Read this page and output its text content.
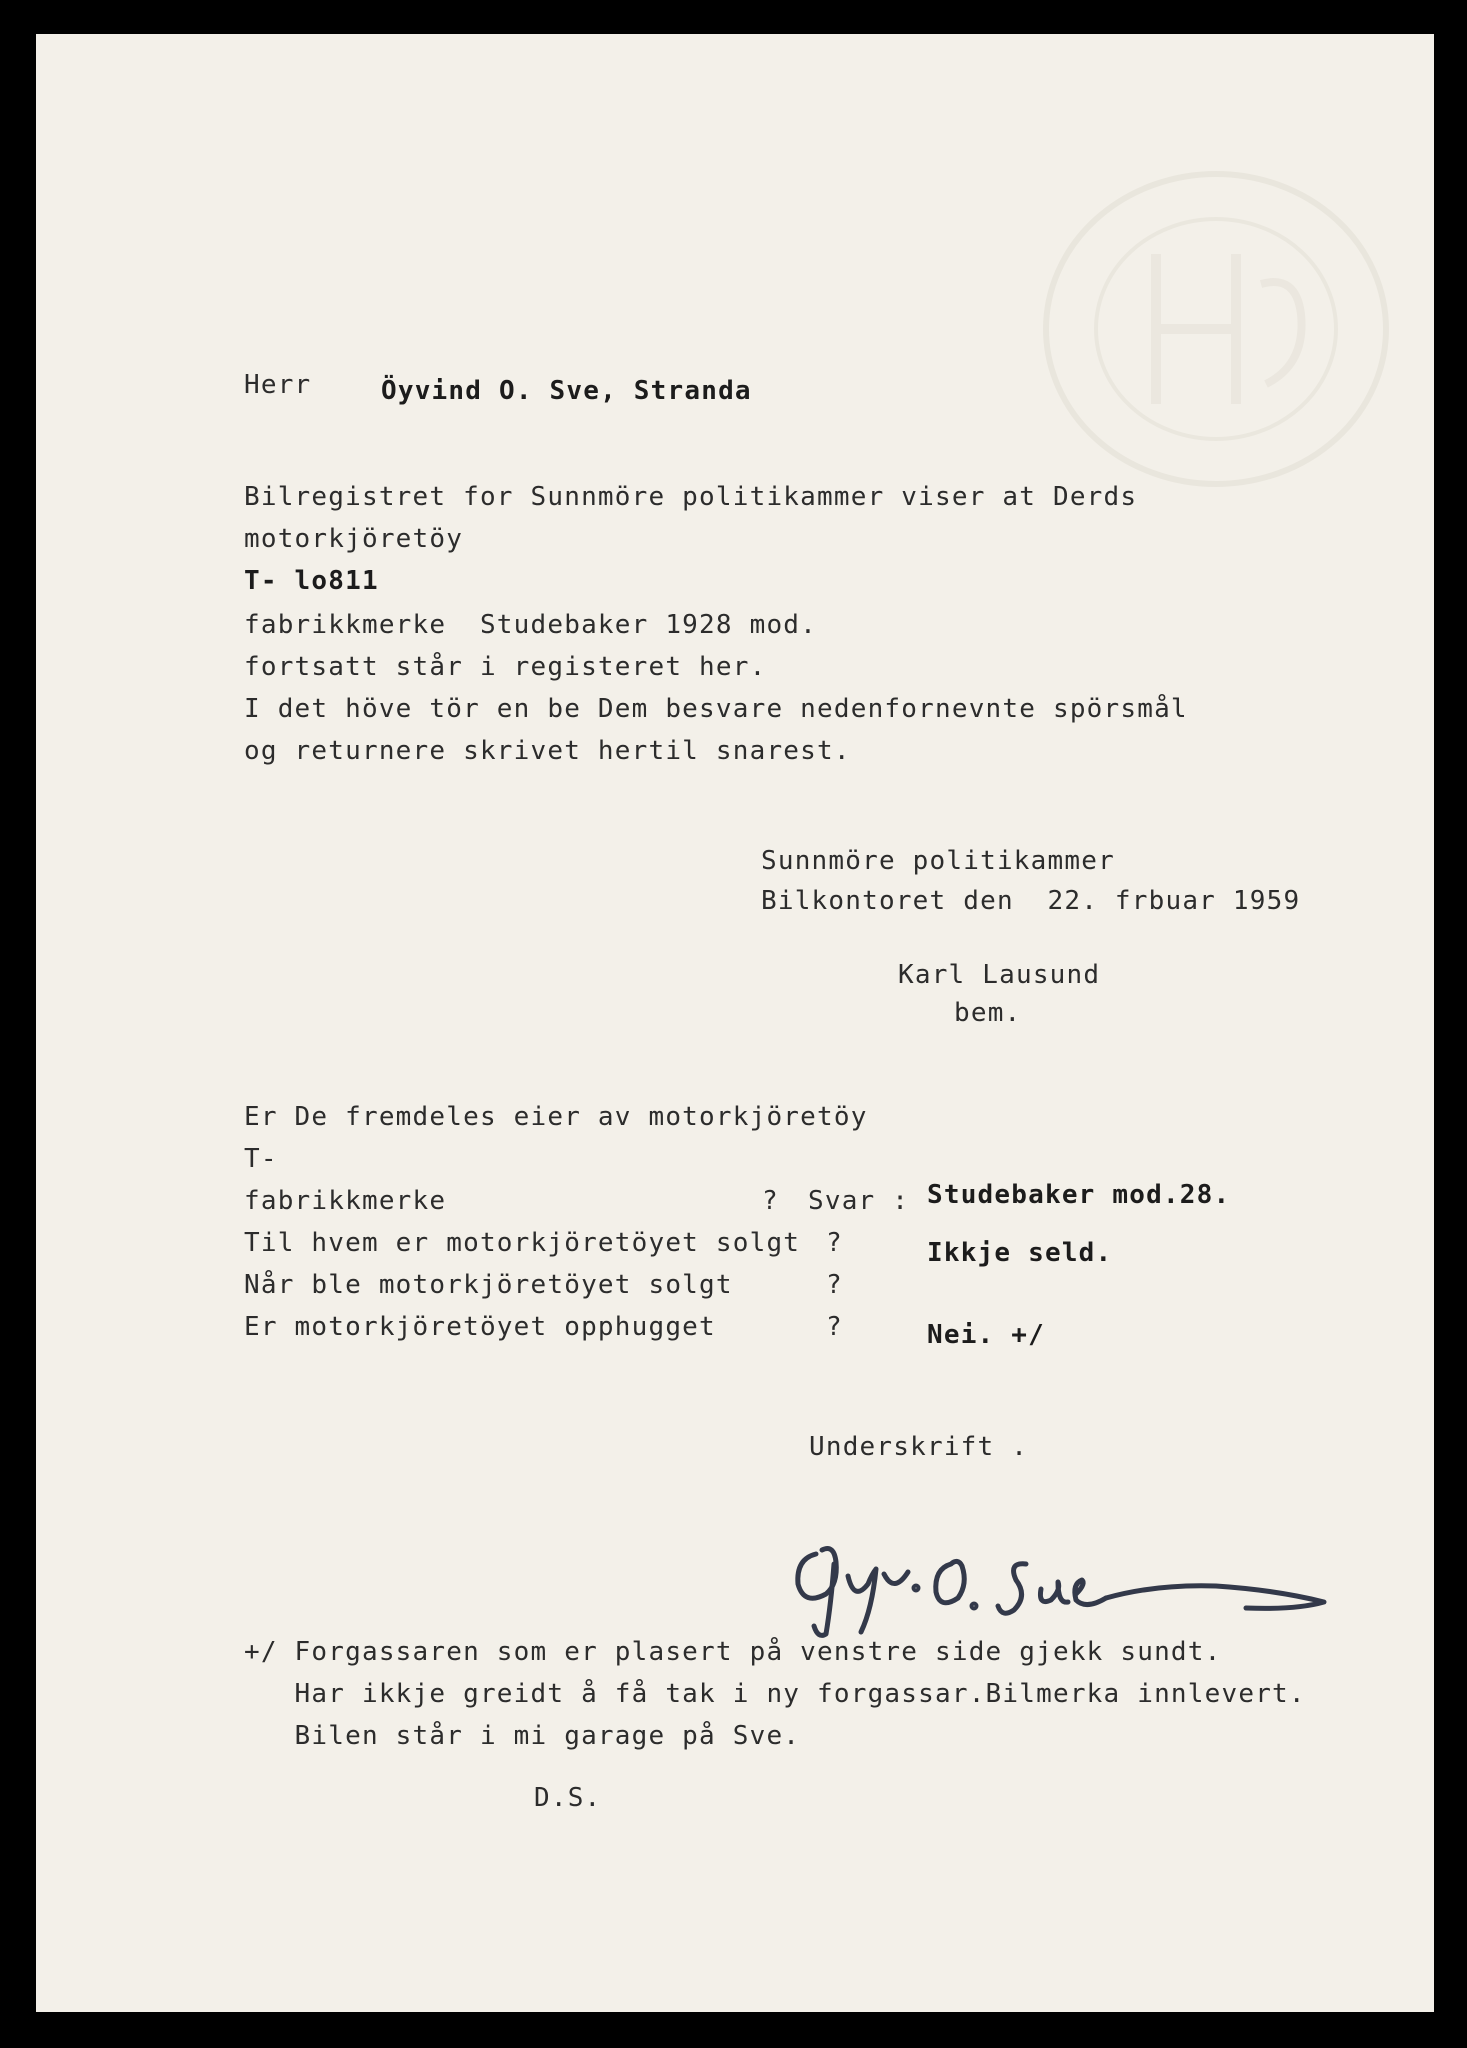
Herr	Öyvind O. Sve, Stranda
Bilregistret for Sunnmöre politikammer viser at Derds
motorkjöretöy
T- lo811
fabrikkmerke  Studebaker 1928 mod.
fortsatt står i registeret her.
I det höve tör en be Dem besvare nedenfornevnte spörsmål
og returnere skrivet hertil snarest.
Sunnmöre politikammer
Bilkontoret den  22. frbuar 1959
Karl Lausund
bem.
Er De fremdeles eier av motorkjöretöy
T-
fabrikkmerke	? Svar : Studebaker mod.28.
Til hvem er motorkjöretöyet solgt ?	Ikkje seld.
Når ble motorkjöretöyet solgt	?
Er motorkjöretöyet opphugget	?	Nei. +/
Underskrift .
+/ Forgassaren som er plasert på venstre side gjekk sundt.
Har ikkje greidt å få tak i ny forgassar.Bilmerka innlevert.
Bilen står i mi garage på Sve.
D.S.
